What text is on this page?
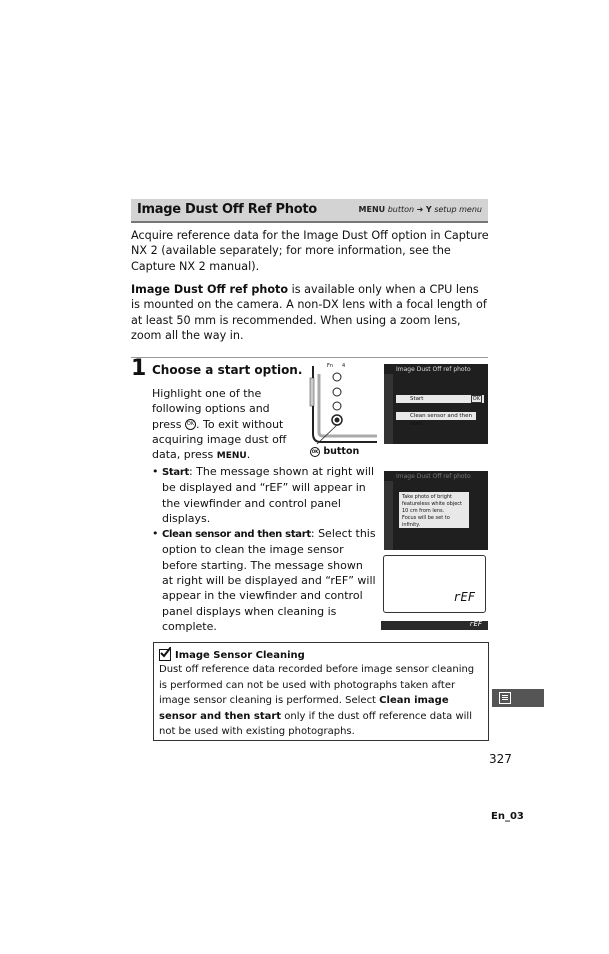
Image Dust Off Ref Photo	MENU button ➜ Y setup menu

Acquire reference data for the Image Dust Off option in Capture NX 2 (available separately; for more information, see the Capture NX 2 manual).

Image Dust Off ref photo is available only when a CPU lens is mounted on the camera. A non-DX lens with a focal length of at least 50 mm is recommended. When using a zoom lens, zoom all the way in.

1 Choose a start option.

Highlight one of the following options and press OK . To exit without acquiring image dust off data, press MENU.

• Start: The message shown at right will be displayed and “rEF” will appear in the viewfinder and control panel displays.
• Clean sensor and then start: Select this option to clean the image sensor before starting. The message shown at right will be displayed and “rEF” will appear in the viewfinder and control panel displays when cleaning is complete.
Fn 4
OK button
Image Dust Off ref photo
Start	OK
Clean sensor and then start
Image Dust Off ref photo
Take photo of bright
featureless white object
10 cm from lens.
Focus will be set to infinity.
rEF
rEF
Image Sensor Cleaning

Dust off reference data recorded before image sensor cleaning is performed can not be used with photographs taken after image sensor cleaning is performed. Select Clean image sensor and then start only if the dust off reference data will not be used with existing photographs.

327
En_03
